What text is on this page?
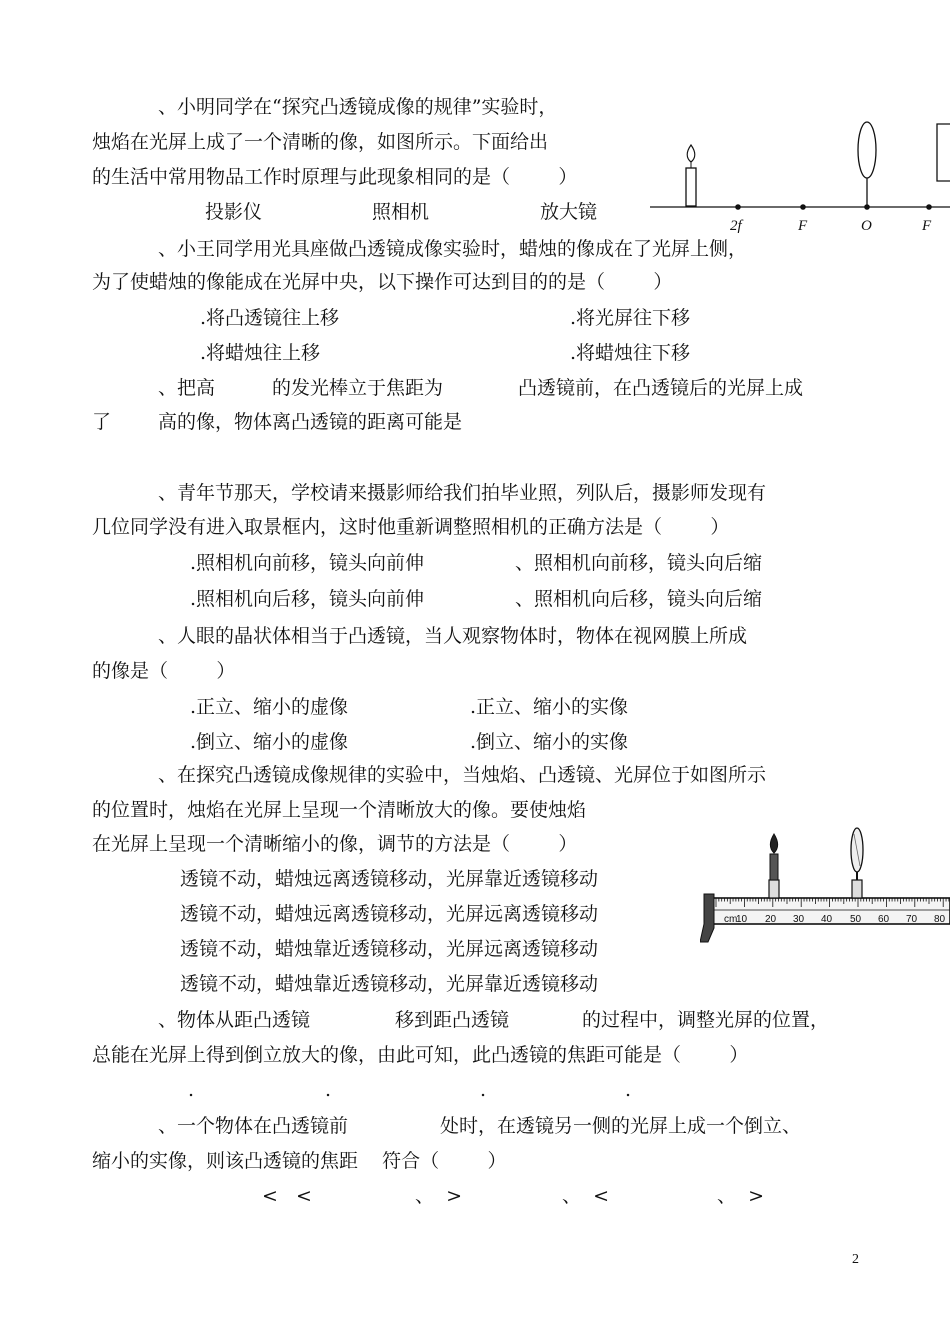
、小明同学在“探究凸透镜成像的规律”实验时，
烛焰在光屏上成了一个清晰的像，如图所示。下面给出
的生活中常用物品工作时原理与此现象相同的是（        ）
投影仪	照相机	放大镜
2f	F	O	F
、小王同学用光具座做凸透镜成像实验时，蜡烛的像成在了光屏上侧，
为了使蜡烛的像能成在光屏中央，以下操作可达到目的的是（        ）
.将凸透镜往上移	.将光屏往下移
.将蜡烛往上移	.将蜡烛往下移
、把高	的发光棒立于焦距为	凸透镜前，在凸透镜后的光屏上成
了 高的像，物体离凸透镜的距离可能是
、青年节那天，学校请来摄影师给我们拍毕业照，列队后，摄影师发现有
几位同学没有进入取景框内，这时他重新调整照相机的正确方法是（        ）
.照相机向前移，镜头向前伸	、照相机向前移，镜头向后缩
.照相机向后移，镜头向前伸	、照相机向后移，镜头向后缩
、人眼的晶状体相当于凸透镜，当人观察物体时，物体在视网膜上所成
的像是（        ）
.正立、缩小的虚像	.正立、缩小的实像
.倒立、缩小的虚像	.倒立、缩小的实像
、在探究凸透镜成像规律的实验中，当烛焰、凸透镜、光屏位于如图所示
的位置时，烛焰在光屏上呈现一个清晰放大的像。要使烛焰
在光屏上呈现一个清晰缩小的像，调节的方法是（        ）
透镜不动，蜡烛远离透镜移动，光屏靠近透镜移动
透镜不动，蜡烛远离透镜移动，光屏远离透镜移动
透镜不动，蜡烛靠近透镜移动，光屏远离透镜移动
透镜不动，蜡烛靠近透镜移动，光屏靠近透镜移动
cm
10 20 30 40 50 60 70 80
、物体从距凸透镜	移到距凸透镜	的过程中，调整光屏的位置，
总能在光屏上得到倒立放大的像，由此可知，此凸透镜的焦距可能是（        ）
.	.	.	.
、一个物体在凸透镜前	处时，在透镜另一侧的光屏上成一个倒立、
缩小的实像，则该凸透镜的焦距    符合（        ）
<   <	、  >	、  <	、  >
2
